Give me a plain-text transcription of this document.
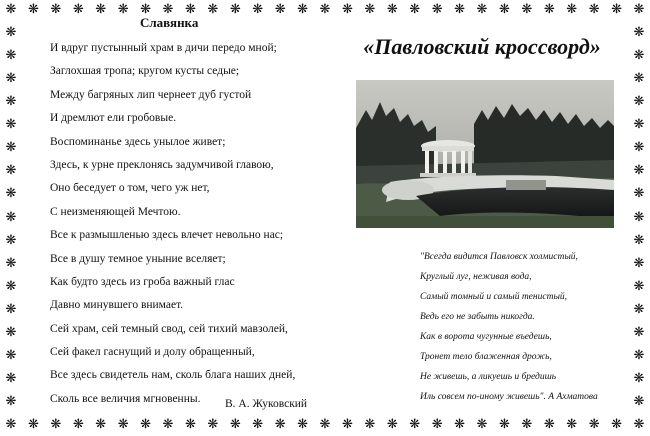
❋
❋
❋
❋
❋
❋
❋
❋
❋
❋
❋
❋
❋
❋
❋
❋
❋
❋
❋
❋
❋
❋
❋
❋
❋
❋
❋
❋
❋
❋
❋
❋
❋
❋
❋
❋
❋
❋
❋
❋
❋
❋
❋
❋
❋
❋
❋
❋
❋
❋
❋
❋
❋
❋
❋
❋
❋
❋
❋	❋
❋	❋
❋	❋
❋	❋
❋	❋
❋	❋
❋	❋
❋	❋
❋	❋
❋	❋
❋	❋
❋	❋
❋	❋
❋	❋
❋	❋
❋	❋
❋	❋
Славянка
И вдруг пустынный храм в дичи передо мной;
Заглохшая тропа; кругом кусты седые;
Между багряных лип чернеет дуб густой
И дремлют ели гробовые.
Воспоминанье здесь унылое живет;
Здесь, к урне преклонясь задумчивой главою,
Оно беседует о том, чего уж нет,
С неизменяющей Мечтою.
Все к размышленью здесь влечет невольно нас;
Все в душу темное уныние вселяет;
Как будто здесь из гроба важный глас
Давно минувшего внимает.
Сей храм, сей темный свод, сей тихий мавзолей,
Сей факел гаснущий и долу обращенный,
Все здесь свидетель нам, сколь блага наших дней,
Сколь все величия мгновенны.	В. А. Жуковский
«Павловский кроссворд»
"Всегда видится Павловск холмистый,
Круглый луг, неживая вода,
Самый томный и самый тенистый,
Ведь его не забыть никогда.
Как в ворота чугунные въедешь,
Тронет тело блаженная дрожь,
Не живешь, а ликуешь и бредишь
Иль совсем по-иному живешь". А Ахматова
